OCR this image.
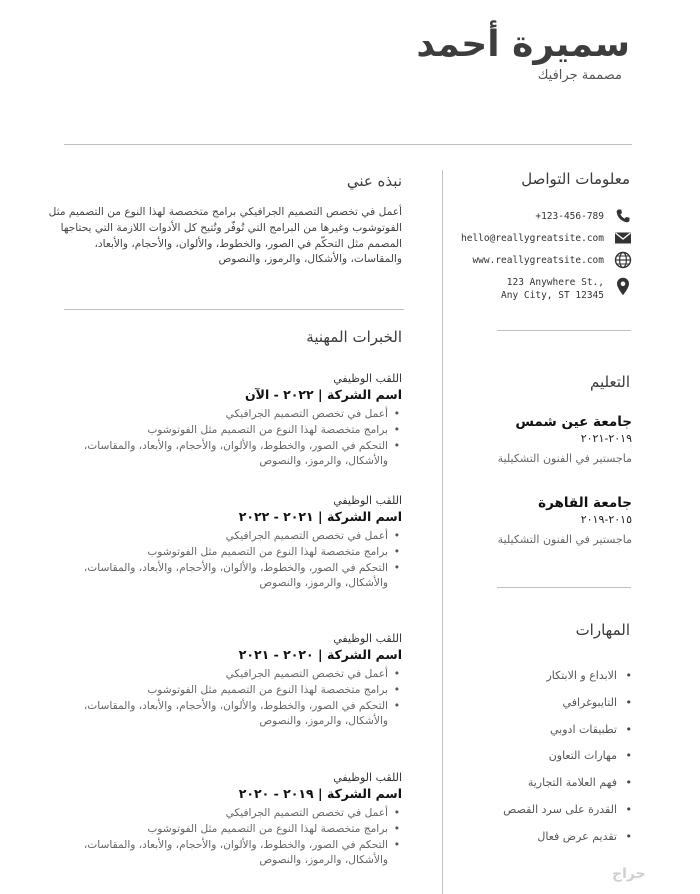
سميرة أحمد
مصممة جرافيك
معلومات التواصل
+123-456-789
hello@reallygreatsite.com
www.reallygreatsite.com
123 Anywhere St.,
Any City, ST 12345
التعليم
جامعة عين شمس
٢٠١٩-٢٠٢١
ماجستير في الفنون التشكيلية
جامعة القاهرة
٢٠١٥-٢٠١٩
ماجستير في الفنون التشكيلية
المهارات
• الابداع و الابتكار
• التايبوغرافي
• تطبيقات ادوبي
• مهارات التعاون
• فهم العلامة التجارية
• القدرة على سرد القصص
• تقديم عرض فعال
نبذه عني
أعمل في تخصص التصميم الجرافيكي برامج متخصصة لهذا النوع من التصميم مثل الفوتوشوب وغيرها من البرامج التي تُوفّر وتُتيح كل الأدوات اللازمة التي يحتاجها المصمم مثل التحكّم في الصور، والخطوط، والألوان، والأحجام، والأبعاد، والمقاسات، والأشكال، والرموز، والنصوص
الخبرات المهنية
اللقب الوظيفي
اسم الشركة | ٢٠٢٢ - الآن
• أعمل في تخصص التصميم الجرافيكي
• برامج متخصصة لهذا النوع من التصميم مثل الفوتوشوب
• التحكم في الصور، والخطوط، والألوان، والأحجام، والأبعاد، والمقاسات، والأشكال، والرموز، والنصوص
اللقب الوظيفي
اسم الشركة | ٢٠٢١ - ٢٠٢٢
• أعمل في تخصص التصميم الجرافيكي
• برامج متخصصة لهذا النوع من التصميم مثل الفوتوشوب
• التحكم في الصور، والخطوط، والألوان، والأحجام، والأبعاد، والمقاسات، والأشكال، والرموز، والنصوص
اللقب الوظيفي
اسم الشركة | ٢٠٢٠ - ٢٠٢١
• أعمل في تخصص التصميم الجرافيكي
• برامج متخصصة لهذا النوع من التصميم مثل الفوتوشوب
• التحكم في الصور، والخطوط، والألوان، والأحجام، والأبعاد، والمقاسات، والأشكال، والرموز، والنصوص
اللقب الوظيفي
اسم الشركة | ٢٠١٩ - ٢٠٢٠
• أعمل في تخصص التصميم الجرافيكي
• برامج متخصصة لهذا النوع من التصميم مثل الفوتوشوب
• التحكم في الصور، والخطوط، والألوان، والأحجام، والأبعاد، والمقاسات، والأشكال، والرموز، والنصوص
حراج
